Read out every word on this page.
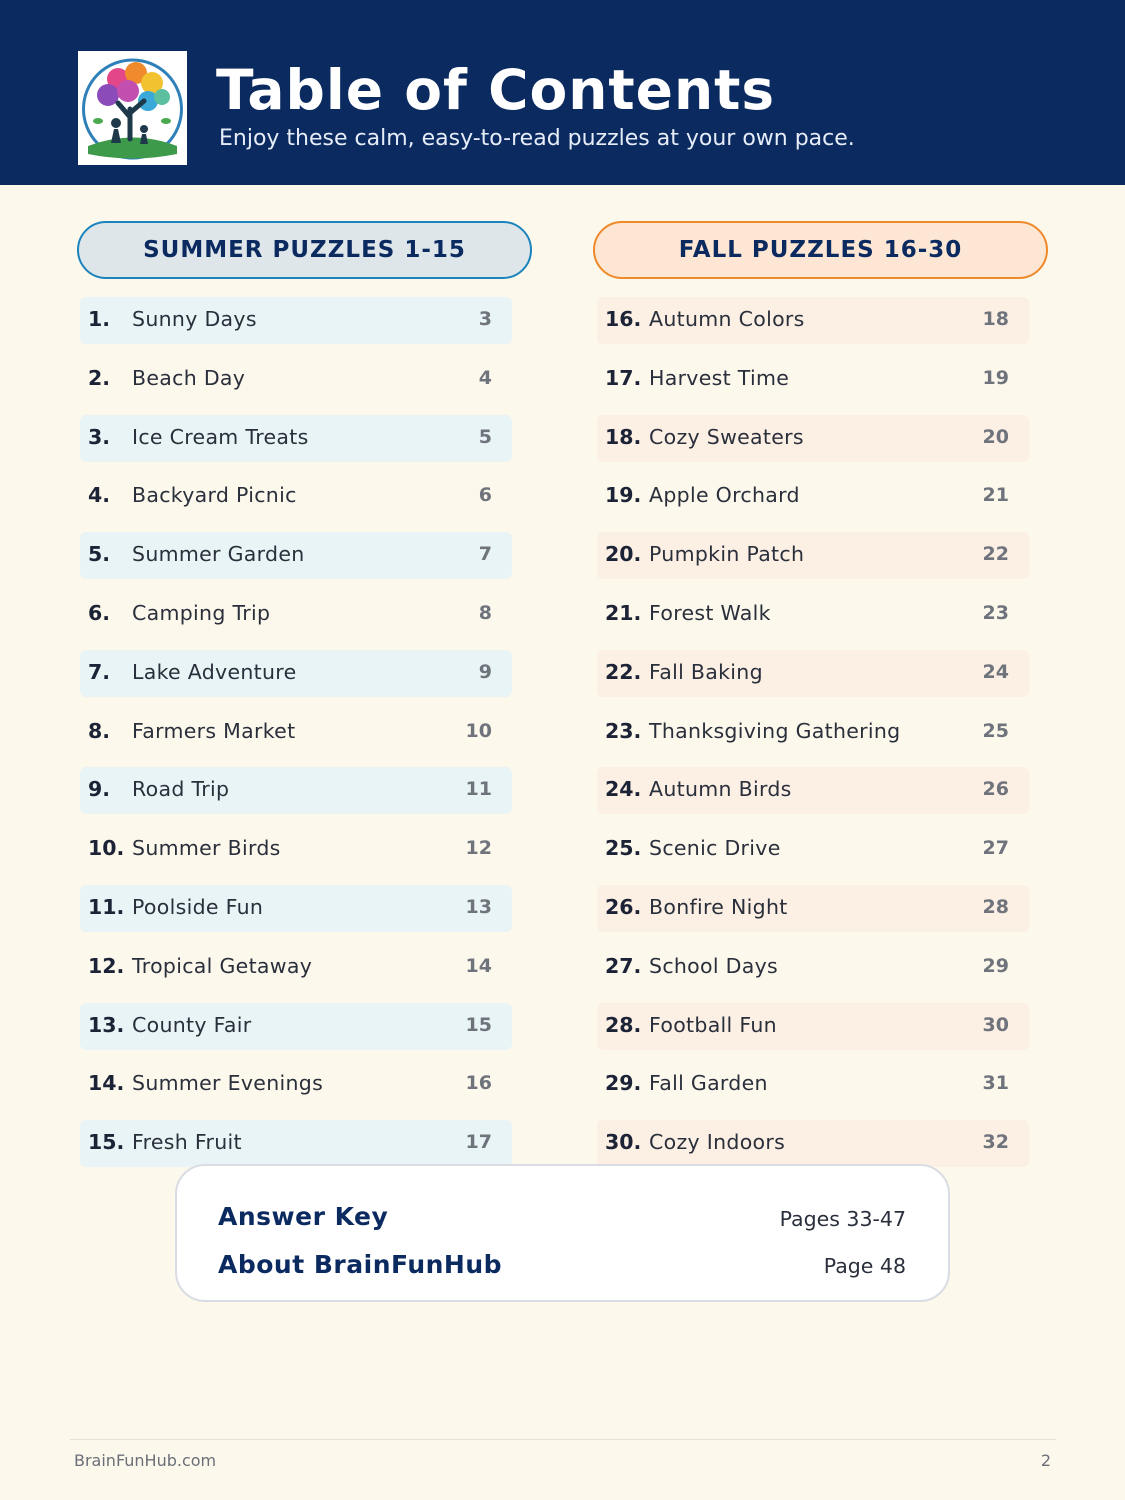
Table of Contents
Enjoy these calm, easy-to-read puzzles at your own pace.
SUMMER PUZZLES 1-15	FALL PUZZLES 16-30
1. Sunny Days	3
2. Beach Day	4
3. Ice Cream Treats	5
4. Backyard Picnic	6
5. Summer Garden	7
6. Camping Trip	8
7. Lake Adventure	9
8. Farmers Market	10
9. Road Trip	11
10. Summer Birds	12
11. Poolside Fun	13
12. Tropical Getaway	14
13. County Fair	15
14. Summer Evenings	16
15. Fresh Fruit	17
16. Autumn Colors	18
17. Harvest Time	19
18. Cozy Sweaters	20
19. Apple Orchard	21
20. Pumpkin Patch	22
21. Forest Walk	23
22. Fall Baking	24
23. Thanksgiving Gathering	25
24. Autumn Birds	26
25. Scenic Drive	27
26. Bonfire Night	28
27. School Days	29
28. Football Fun	30
29. Fall Garden	31
30. Cozy Indoors	32
Answer Key	Pages 33-47
About BrainFunHub	Page 48
BrainFunHub.com	2
